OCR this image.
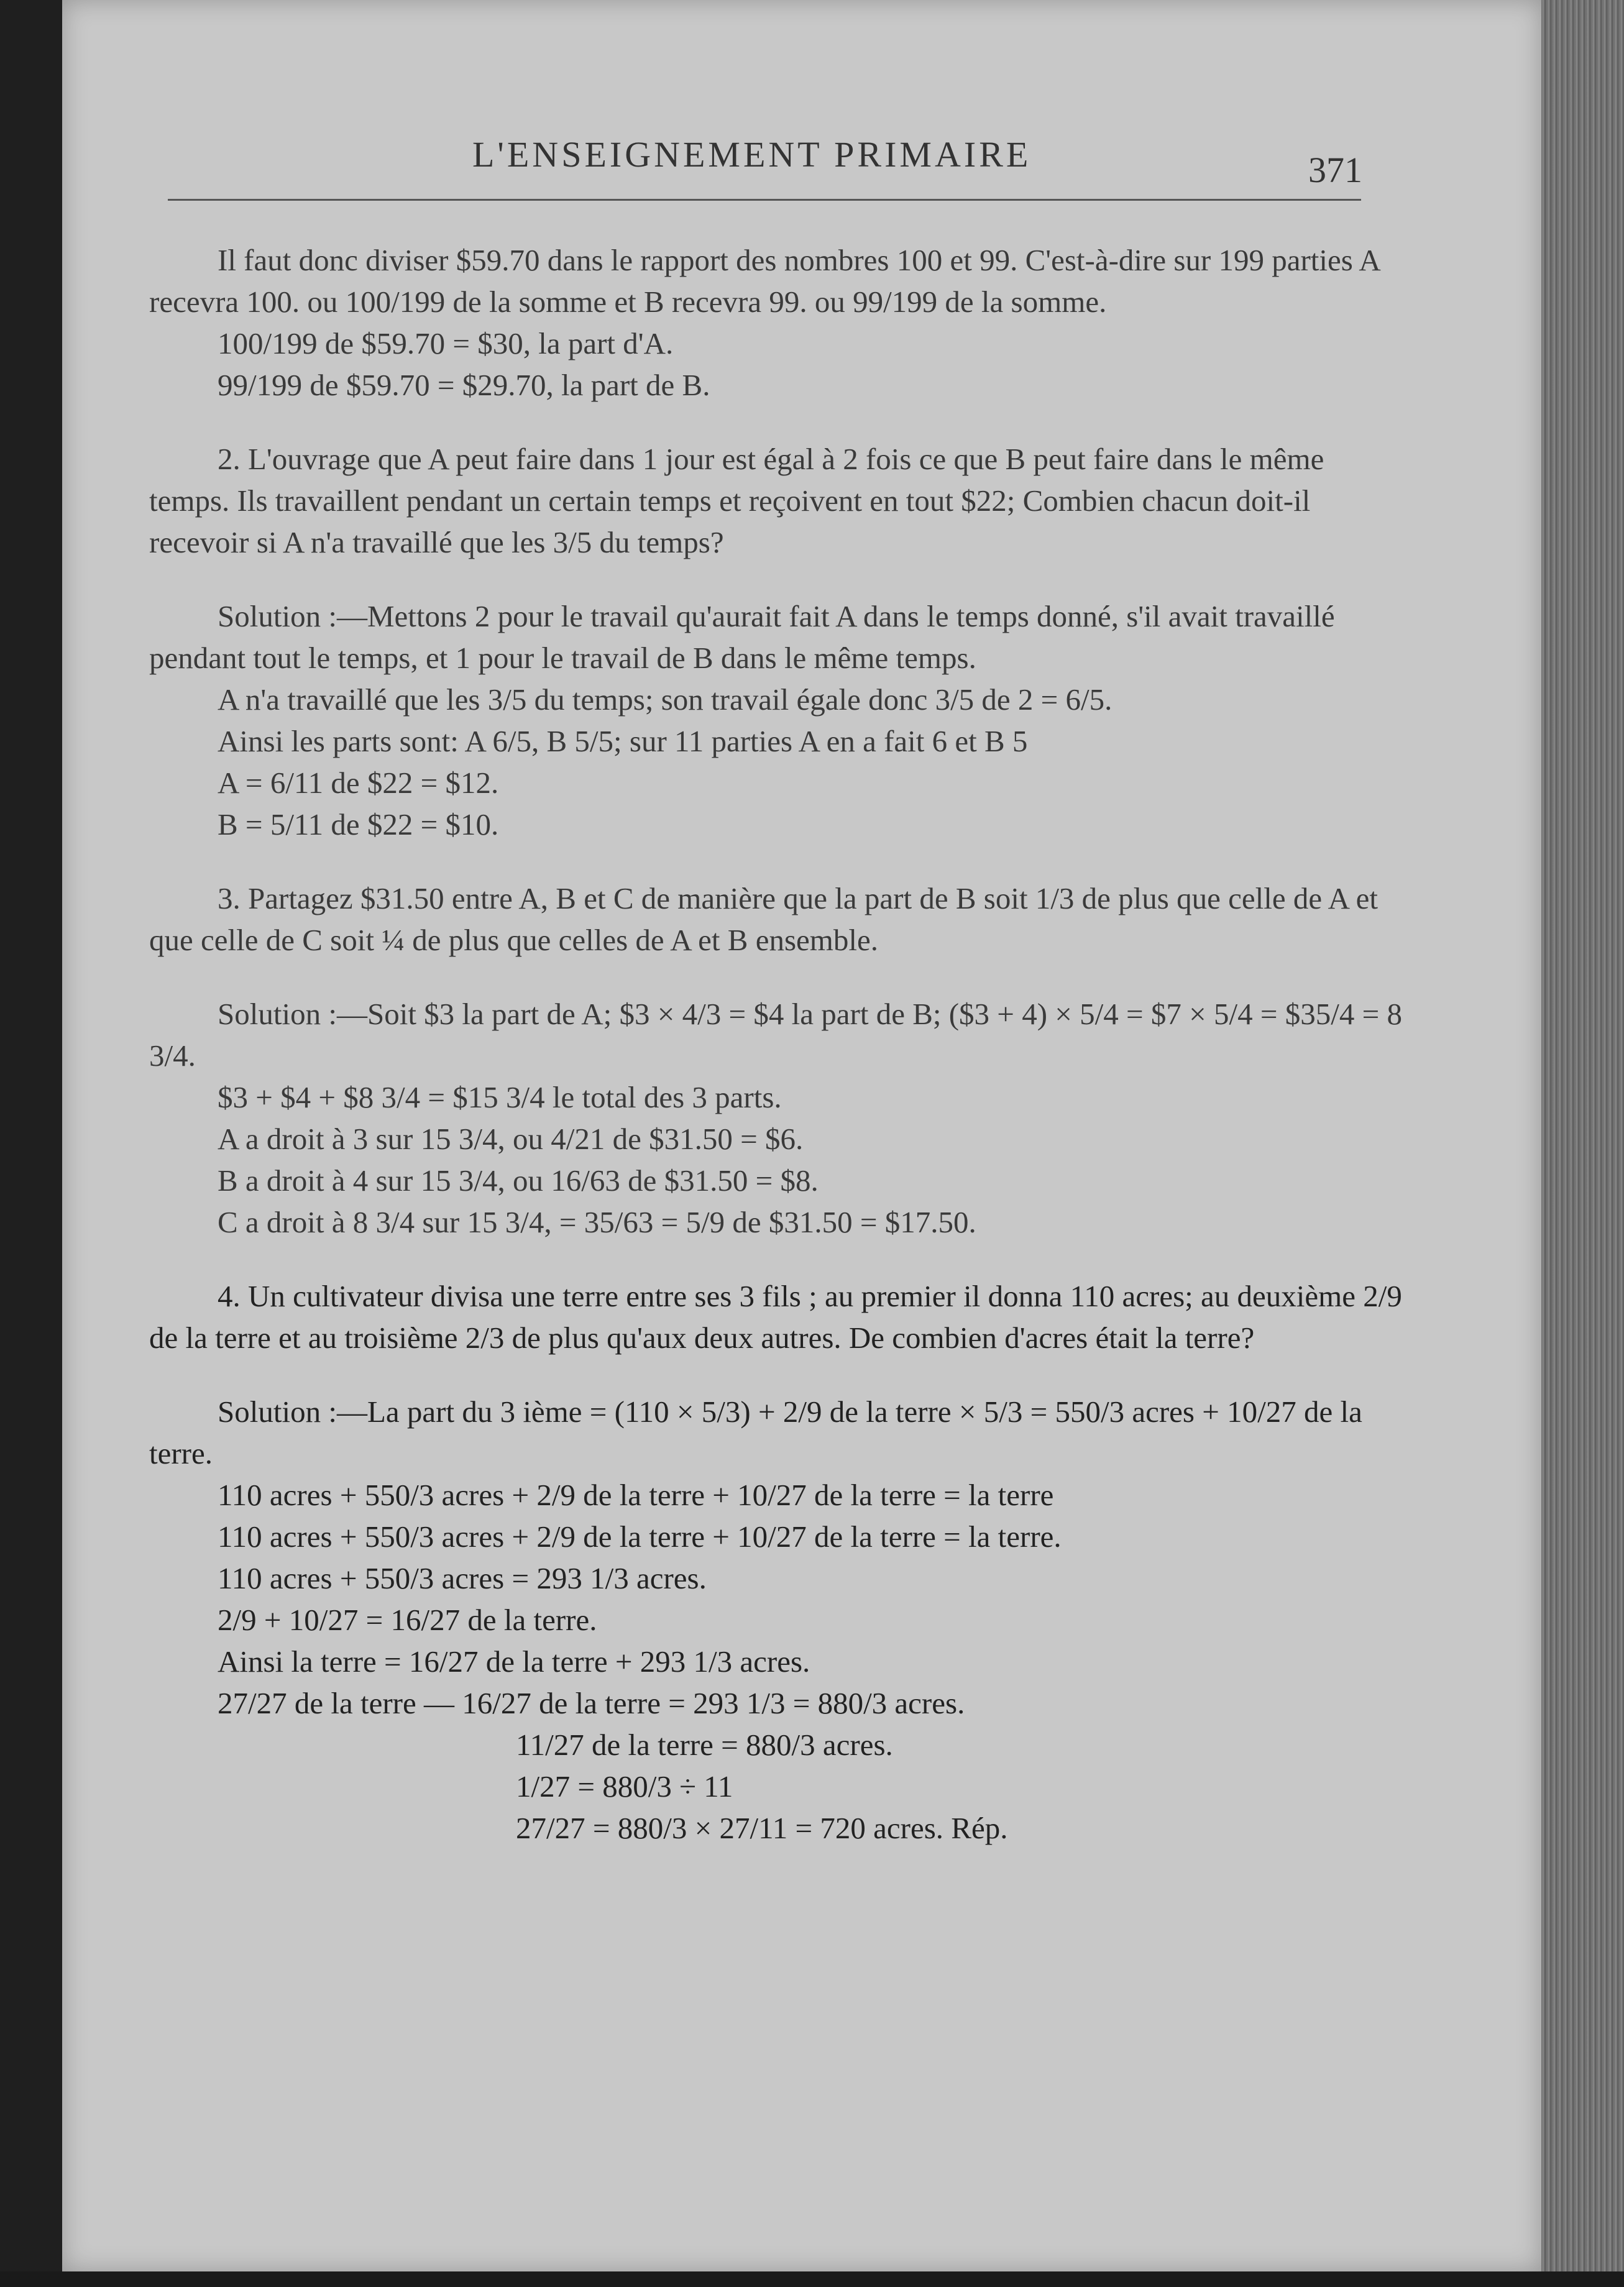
L'ENSEIGNEMENT PRIMAIRE	371

Il faut donc diviser $59.70 dans le rapport des nombres 100 et 99. C'est-à-dire sur 199 parties A recevra 100. ou 100/199 de la somme et B recevra 99. ou 99/199 de la somme.

100/199 de $59.70 = $30, la part d'A.

99/199 de $59.70 = $29.70, la part de B.

2. L'ouvrage que A peut faire dans 1 jour est égal à 2 fois ce que B peut faire dans le même temps. Ils travaillent pendant un certain temps et reçoivent en tout $22; Combien chacun doit-il recevoir si A n'a travaillé que les 3/5 du temps?

Solution :—Mettons 2 pour le travail qu'aurait fait A dans le temps donné, s'il avait travaillé pendant tout le temps, et 1 pour le travail de B dans le même temps.

A n'a travaillé que les 3/5 du temps; son travail égale donc 3/5 de 2 = 6/5.

Ainsi les parts sont: A 6/5, B 5/5; sur 11 parties A en a fait 6 et B 5

A = 6/11 de $22 = $12.

B = 5/11 de $22 = $10.

3. Partagez $31.50 entre A, B et C de manière que la part de B soit 1/3 de plus que celle de A et que celle de C soit ¼ de plus que celles de A et B ensemble.

Solution :—Soit $3 la part de A; $3 × 4/3 = $4 la part de B; ($3 + 4) × 5/4 = $7 × 5/4 = $35/4 = 8 3/4.

$3 + $4 + $8 3/4 = $15 3/4 le total des 3 parts.

A a droit à 3 sur 15 3/4, ou 4/21 de $31.50 = $6.

B a droit à 4 sur 15 3/4, ou 16/63 de $31.50 = $8.

C a droit à 8 3/4 sur 15 3/4, = 35/63 = 5/9 de $31.50 = $17.50.

4. Un cultivateur divisa une terre entre ses 3 fils ; au premier il donna 110 acres; au deuxième 2/9 de la terre et au troisième 2/3 de plus qu'aux deux autres. De combien d'acres était la terre?

Solution :—La part du 3 ième = (110 × 5/3) + 2/9 de la terre × 5/3 = 550/3 acres + 10/27 de la terre.

110 acres + 550/3 acres + 2/9 de la terre + 10/27 de la terre = la terre

110 acres + 550/3 acres + 2/9 de la terre + 10/27 de la terre = la terre.

110 acres + 550/3 acres = 293 1/3 acres.

2/9 + 10/27 = 16/27 de la terre.

Ainsi la terre = 16/27 de la terre + 293 1/3 acres.

27/27 de la terre — 16/27 de la terre = 293 1/3 = 880/3 acres.

11/27 de la terre = 880/3 acres.

1/27 = 880/3 ÷ 11

27/27 = 880/3 × 27/11 = 720 acres. Rép.
